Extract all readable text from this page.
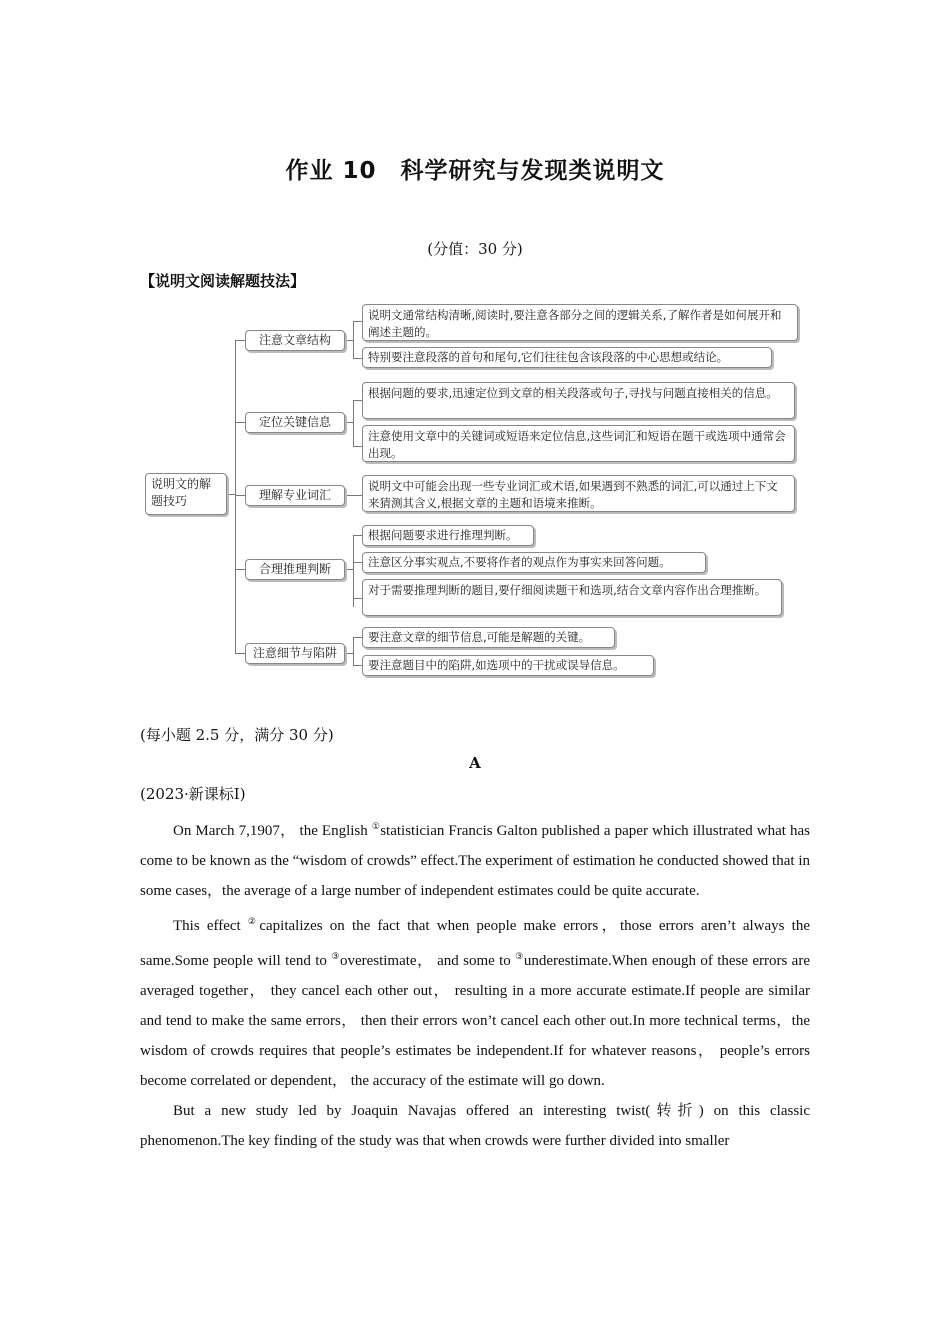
作业 10　科学研究与发现类说明文
(分值：30 分)
【说明文阅读解题技法】
说明文的解题技巧
注意文章结构
说明文通常结构清晰,阅读时,要注意各部分之间的逻辑关系,了解作者是如何展开和阐述主题的。
特别要注意段落的首句和尾句,它们往往包含该段落的中心思想或结论。
定位关键信息
根据问题的要求,迅速定位到文章的相关段落或句子,寻找与问题直接相关的信息。
注意使用文章中的关键词或短语来定位信息,这些词汇和短语在题干或选项中通常会出现。
理解专业词汇
说明文中可能会出现一些专业词汇或术语,如果遇到不熟悉的词汇,可以通过上下文来猜测其含义,根据文章的主题和语境来推断。
合理推理判断
根据问题要求进行推理判断。
注意区分事实观点,不要将作者的观点作为事实来回答问题。
对于需要推理判断的题目,要仔细阅读题干和选项,结合文章内容作出合理推断。
注意细节与陷阱
要注意文章的细节信息,可能是解题的关键。
要注意题目中的陷阱,如选项中的干扰或误导信息。
(每小题 2.5 分，满分 30 分)
A
(2023·新课标Ⅰ)

On March 7,1907， the English ①statistician Francis Galton published a paper which illustrated what has come to be known as the “wisdom of crowds” effect.The experiment of estimation he conducted showed that in some cases，the average of a large number of independent estimates could be quite accurate.

This effect ②capitalizes on the fact that when people make errors，those errors aren’t always the same.Some people will tend to ③overestimate， and some to ③underestimate.When enough of these errors are averaged together， they cancel each other out， resulting in a more accurate estimate.If people are similar and tend to make the same errors， then their errors won’t cancel each other out.In more technical terms，the wisdom of crowds requires that people’s estimates be independent.If for whatever reasons， people’s errors become correlated or dependent， the accuracy of the estimate will go down.

But a new study led by Joaquin Navajas offered an interesting twist(转折) on this classic phenomenon.The key finding of the study was that when crowds were further divided into smaller
